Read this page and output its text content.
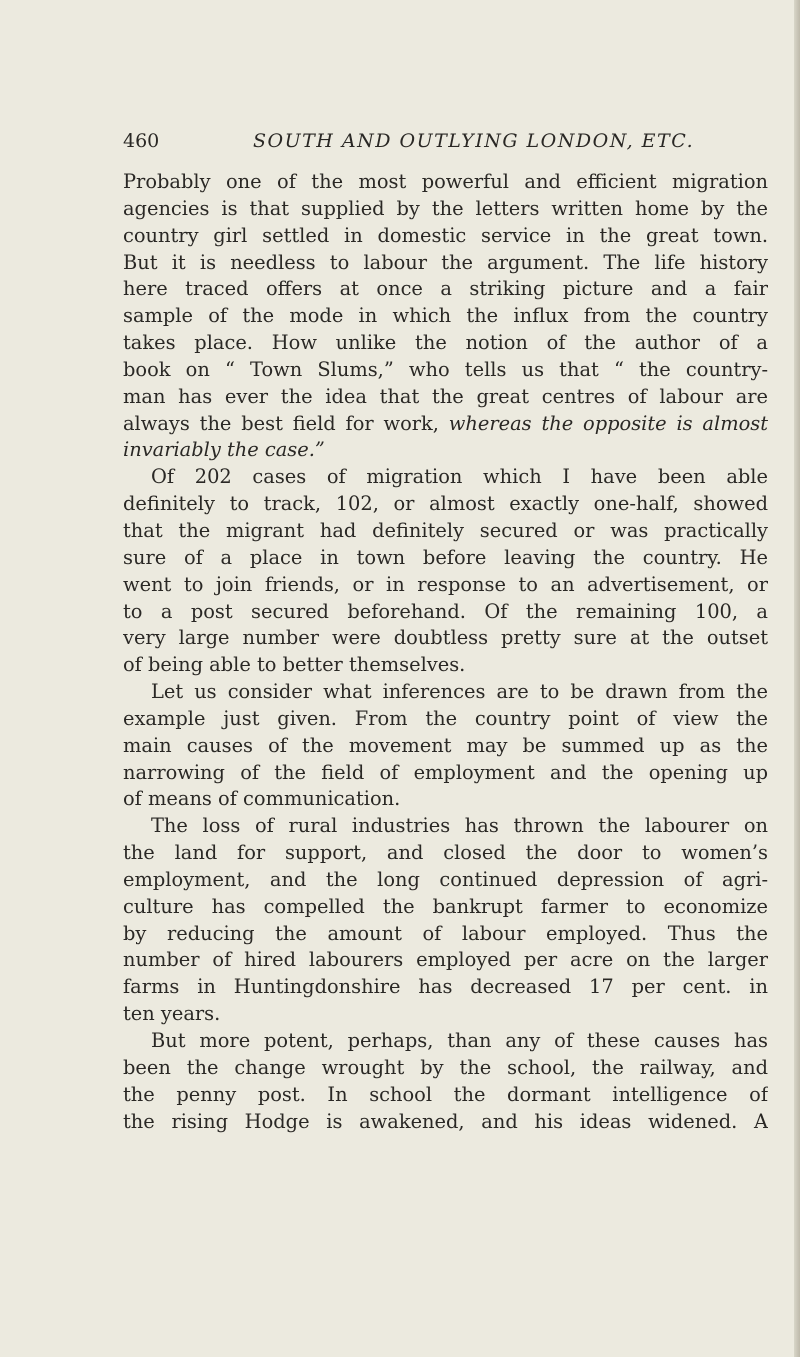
460	SOUTH AND OUTLYING LONDON, ETC.
Probably one of the most powerful and efficient migration
agencies is that supplied by the letters written home by the
country girl settled in domestic service in the great town.
But it is needless to labour the argument. The life history
here traced offers at once a striking picture and a fair
sample of the mode in which the influx from the country
takes place. How unlike the notion of the author of a
book on “ Town Slums,” who tells us that “ the country-
man has ever the idea that the great centres of labour are
always the best field for work, whereas the opposite is almost
invariably the case.”
Of 202 cases of migration which I have been able
definitely to track, 102, or almost exactly one-half, showed
that the migrant had definitely secured or was practically
sure of a place in town before leaving the country. He
went to join friends, or in response to an advertisement, or
to a post secured beforehand. Of the remaining 100, a
very large number were doubtless pretty sure at the outset
of being able to better themselves.
Let us consider what inferences are to be drawn from the
example just given. From the country point of view the
main causes of the movement may be summed up as the
narrowing of the field of employment and the opening up
of means of communication.
The loss of rural industries has thrown the labourer on
the land for support, and closed the door to women’s
employment, and the long continued depression of agri-
culture has compelled the bankrupt farmer to economize
by reducing the amount of labour employed. Thus the
number of hired labourers employed per acre on the larger
farms in Huntingdonshire has decreased 17 per cent. in
ten years.
But more potent, perhaps, than any of these causes has
been the change wrought by the school, the railway, and
the penny post. In school the dormant intelligence of
the rising Hodge is awakened, and his ideas widened. A
